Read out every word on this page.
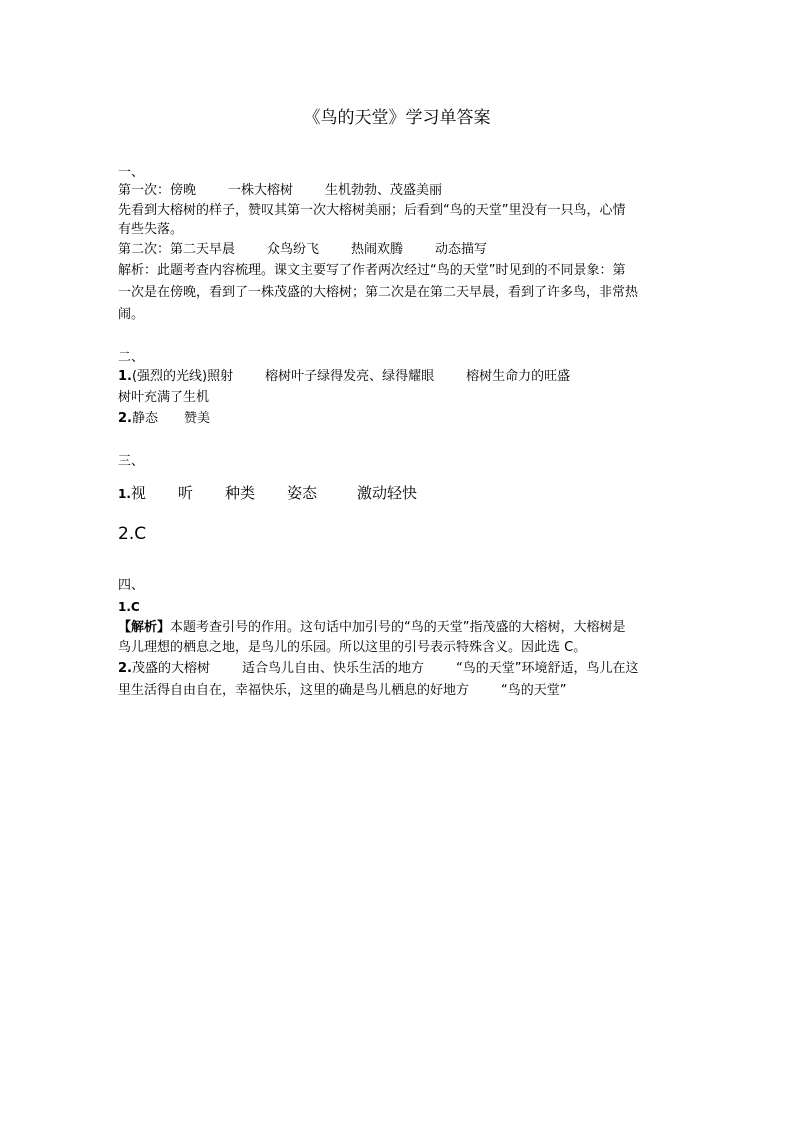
《鸟的天堂》学习单答案
一、
第一次：傍晚 一株大榕树 生机勃勃、茂盛美丽
先看到大榕树的样子，赞叹其第一次大榕树美丽；后看到“鸟的天堂”里没有一只鸟，心情
有些失落。
第二次：第二天早晨 众鸟纷飞 热闹欢腾 动态描写
解析：此题考查内容梳理。课文主要写了作者两次经过“鸟的天堂”时见到的不同景象：第
一次是在傍晚，看到了一株茂盛的大榕树；第二次是在第二天早晨，看到了许多鸟，非常热
闹。
二、
1.(强烈的光线)照射 榕树叶子绿得发亮、绿得耀眼 榕树生命力的旺盛
树叶充满了生机
2.静态 赞美
三、
1.视 听 种类 姿态	激动轻快
2.C
四、
1.C
【解析】本题考查引号的作用。这句话中加引号的“鸟的天堂”指茂盛的大榕树，大榕树是
鸟儿理想的栖息之地，是鸟儿的乐园。所以这里的引号表示特殊含义。因此选 C。
2.茂盛的大榕树 适合鸟儿自由、快乐生活的地方 “鸟的天堂”环境舒适，鸟儿在这
里生活得自由自在，幸福快乐，这里的确是鸟儿栖息的好地方 “鸟的天堂”
